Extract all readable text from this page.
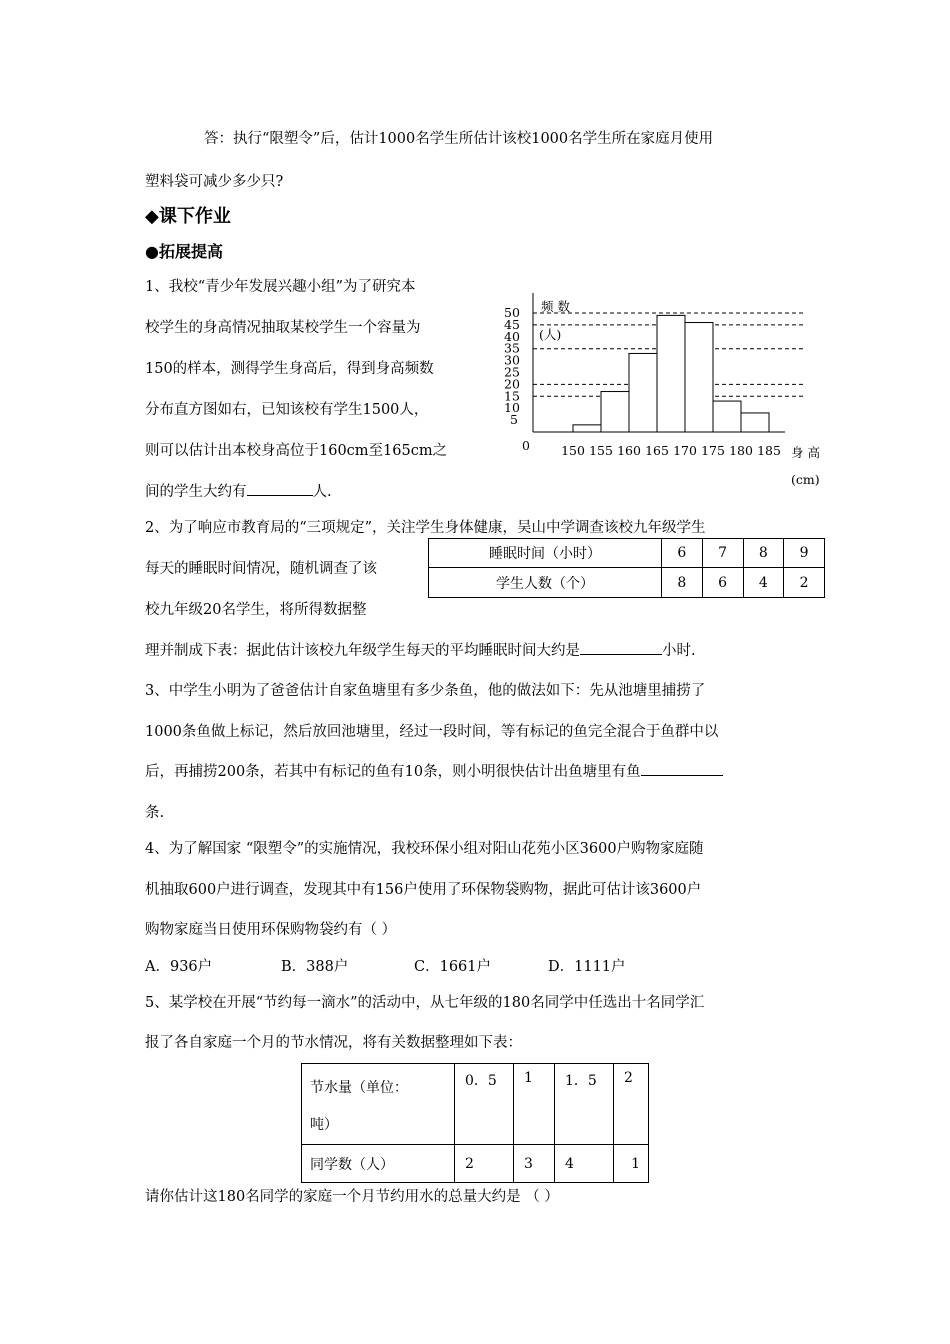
答：执行“限塑令”后，估计1000名学生所估计该校1000名学生所在家庭月使用
塑料袋可减少多少只?
◆课下作业
●拓展提高
1、我校“青少年发展兴趣小组”为了研究本
校学生的身高情况抽取某校学生一个容量为
150的样本，测得学生身高后，得到身高频数
分布直方图如右，已知该校有学生1500人，
则可以估计出本校身高位于160cm至165cm之
间的学生大约有	人.
频 数
(人)
身 高
(cm)
0
5
10
15
20
25
30
35
40
45
50
150 155 160 165 170 175 180 185
2、为了响应市教育局的“三项规定”，关注学生身体健康，吴山中学调查该校九年级学生
每天的睡眠时间情况，随机调查了该
校九年级20名学生，将所得数据整
理并制成下表：据此估计该校九年级学生每天的平均睡眠时间大约是	小时.
睡眠时间（小时）	6	7	8	9
学生人数（个）	8	6	4	2
3、中学生小明为了爸爸估计自家鱼塘里有多少条鱼，他的做法如下：先从池塘里捕捞了
1000条鱼做上标记，然后放回池塘里，经过一段时间，等有标记的鱼完全混合于鱼群中以
后，再捕捞200条，若其中有标记的鱼有10条，则小明很快估计出鱼塘里有鱼
条.
4、为了解国家 “限塑令”的实施情况，我校环保小组对阳山花苑小区3600户购物家庭随
机抽取600户进行调查，发现其中有156户使用了环保物袋购物，据此可估计该3600户
购物家庭当日使用环保购物袋约有（ ）
A．936户	B．388户	C．1661户	D．1111户
5、某学校在开展“节约每一滴水”的活动中，从七年级的180名同学中任选出十名同学汇
报了各自家庭一个月的节水情况，将有关数据整理如下表：
节水量（单位：
吨）	0．5	1	1．5	2
同学数（人）	2	3	4	1
请你估计这180名同学的家庭一个月节约用水的总量大约是 （ ）
